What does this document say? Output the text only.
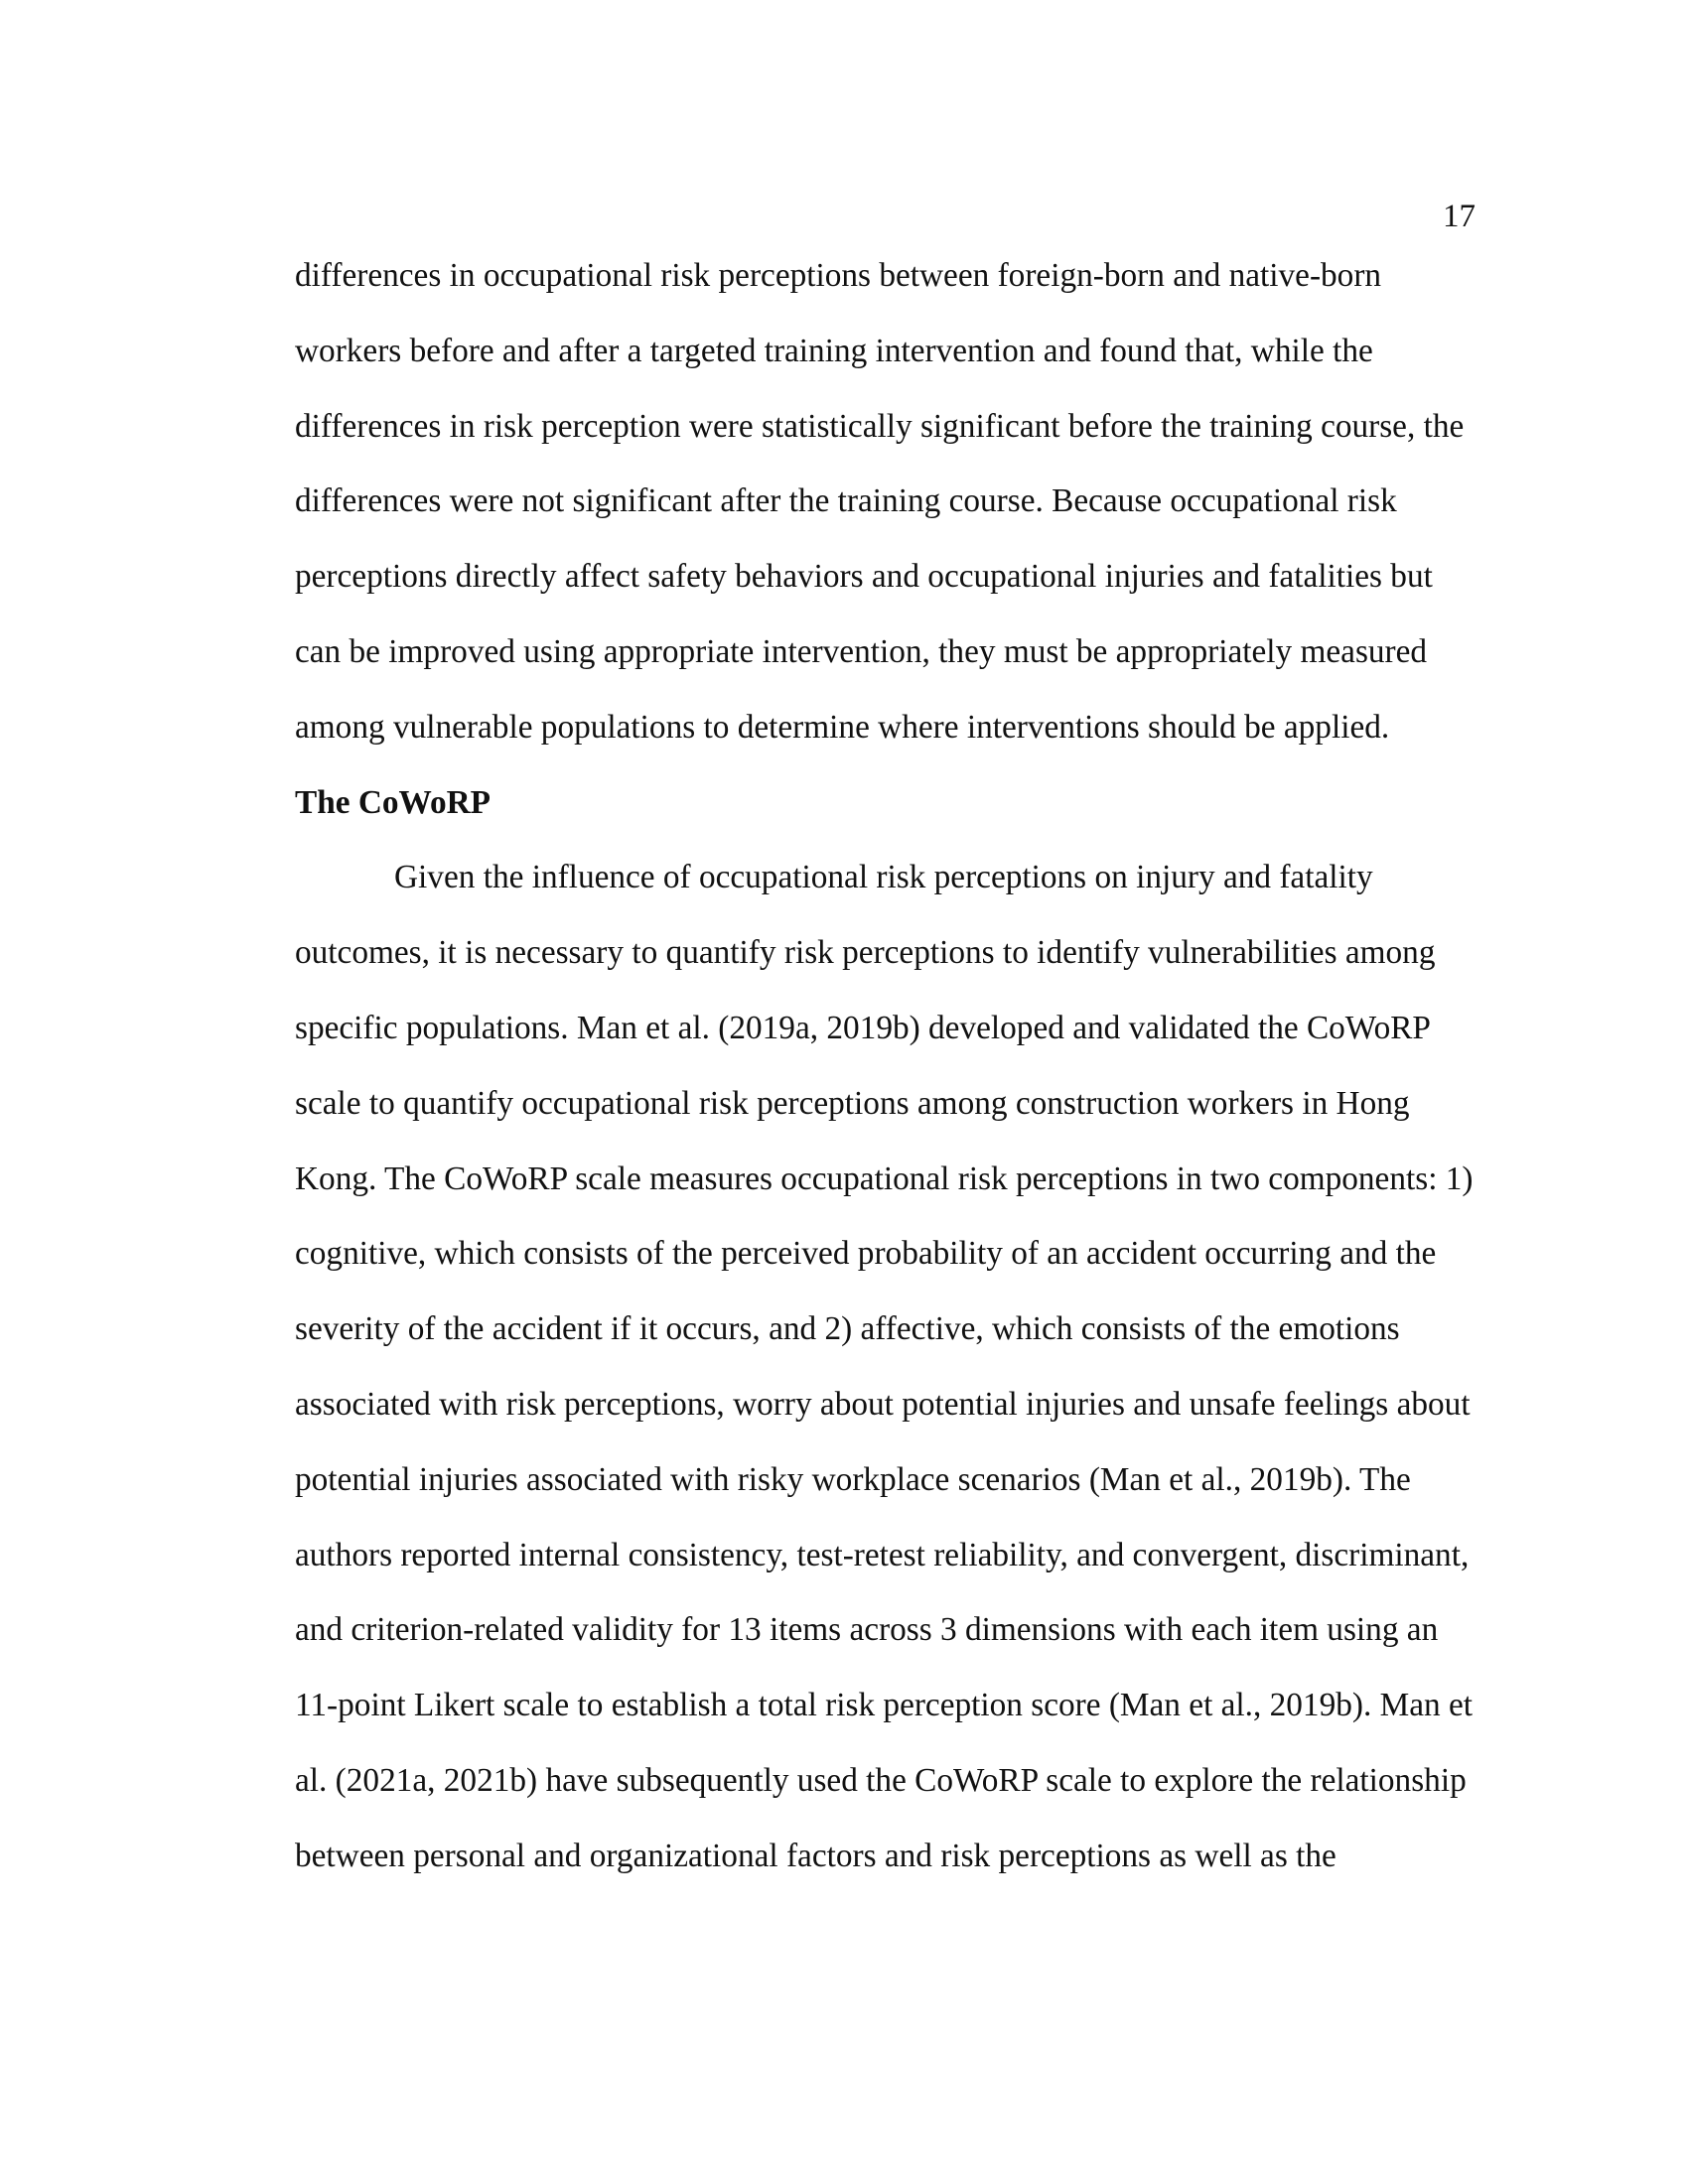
17
differences in occupational risk perceptions between foreign-born and native-born
workers before and after a targeted training intervention and found that, while the
differences in risk perception were statistically significant before the training course, the
differences were not significant after the training course. Because occupational risk
perceptions directly affect safety behaviors and occupational injuries and fatalities but
can be improved using appropriate intervention, they must be appropriately measured
among vulnerable populations to determine where interventions should be applied.
The CoWoRP
Given the influence of occupational risk perceptions on injury and fatality
outcomes, it is necessary to quantify risk perceptions to identify vulnerabilities among
specific populations. Man et al. (2019a, 2019b) developed and validated the CoWoRP
scale to quantify occupational risk perceptions among construction workers in Hong
Kong. The CoWoRP scale measures occupational risk perceptions in two components: 1)
cognitive, which consists of the perceived probability of an accident occurring and the
severity of the accident if it occurs, and 2) affective, which consists of the emotions
associated with risk perceptions, worry about potential injuries and unsafe feelings about
potential injuries associated with risky workplace scenarios (Man et al., 2019b). The
authors reported internal consistency, test-retest reliability, and convergent, discriminant,
and criterion-related validity for 13 items across 3 dimensions with each item using an
11-point Likert scale to establish a total risk perception score (Man et al., 2019b). Man et
al. (2021a, 2021b) have subsequently used the CoWoRP scale to explore the relationship
between personal and organizational factors and risk perceptions as well as the
